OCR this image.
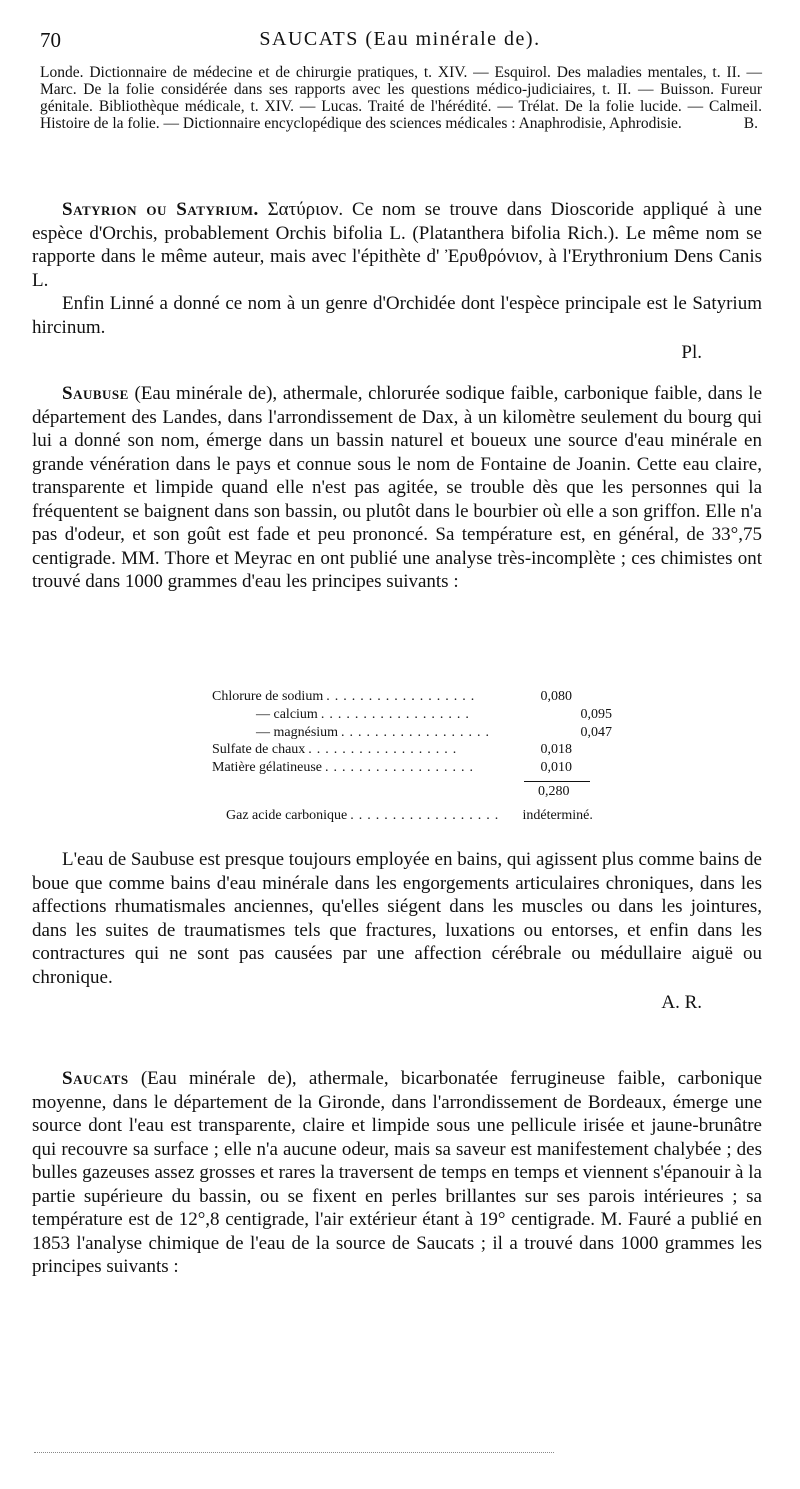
70	SAUCATS (Eau minérale de).
Londe. Dictionnaire de médecine et de chirurgie pratiques, t. XIV. — Esquirol. Des maladies mentales, t. II. — Marc. De la folie considérée dans ses rapports avec les questions médico-judiciaires, t. II. — Buisson. Fureur génitale. Bibliothèque médicale, t. XIV. — Lucas. Traité de l'hérédité. — Trélat. De la folie lucide. — Calmeil. Histoire de la folie. — Dictionnaire encyclopédique des sciences médicales : Anaphrodisie, Aphrodisie.	B.

Satyrion ou Satyrium. Σατύριον. Ce nom se trouve dans Dioscoride appliqué à une espèce d'Orchis, probablement Orchis bifolia L. (Platanthera bifolia Rich.). Le même nom se rapporte dans le même auteur, mais avec l'épithète d' Ἐρυθρόνιον, à l'Erythronium Dens Canis L.

Enfin Linné a donné ce nom à un genre d'Orchidée dont l'espèce principale est le Satyrium hircinum.

Pl.

Saubuse (Eau minérale de), athermale, chlorurée sodique faible, carbonique faible, dans le département des Landes, dans l'arrondissement de Dax, à un kilomètre seulement du bourg qui lui a donné son nom, émerge dans un bassin naturel et boueux une source d'eau minérale en grande vénération dans le pays et connue sous le nom de Fontaine de Joanin. Cette eau claire, transparente et limpide quand elle n'est pas agitée, se trouble dès que les personnes qui la fréquentent se baignent dans son bassin, ou plutôt dans le bourbier où elle a son griffon. Elle n'a pas d'odeur, et son goût est fade et peu prononcé. Sa température est, en général, de 33°,75 centigrade. MM. Thore et Meyrac en ont publié une analyse très-incomplète ; ces chimistes ont trouvé dans 1000 grammes d'eau les principes suivants :

Chlorure de sodium ..................	0,080
— calcium ..................	0,095
— magnésium ..................	0,047
Sulfate de chaux ..................	0,018
Matière gélatineuse ..................	0,010
0,280
Gaz acide carbonique ..................	indéterminé.

L'eau de Saubuse est presque toujours employée en bains, qui agissent plus comme bains de boue que comme bains d'eau minérale dans les engorgements articulaires chroniques, dans les affections rhumatismales anciennes, qu'elles siégent dans les muscles ou dans les jointures, dans les suites de traumatismes tels que fractures, luxations ou entorses, et enfin dans les contractures qui ne sont pas causées par une affection cérébrale ou médullaire aiguë ou chronique.

A. R.

Saucats (Eau minérale de), athermale, bicarbonatée ferrugineuse faible, carbonique moyenne, dans le département de la Gironde, dans l'arrondissement de Bordeaux, émerge une source dont l'eau est transparente, claire et limpide sous une pellicule irisée et jaune-brunâtre qui recouvre sa surface ; elle n'a aucune odeur, mais sa saveur est manifestement chalybée ; des bulles gazeuses assez grosses et rares la traversent de temps en temps et viennent s'épanouir à la partie supérieure du bassin, ou se fixent en perles brillantes sur ses parois intérieures ; sa température est de 12°,8 centigrade, l'air extérieur étant à 19° centigrade. M. Fauré a publié en 1853 l'analyse chimique de l'eau de la source de Saucats ; il a trouvé dans 1000 grammes les principes suivants :
